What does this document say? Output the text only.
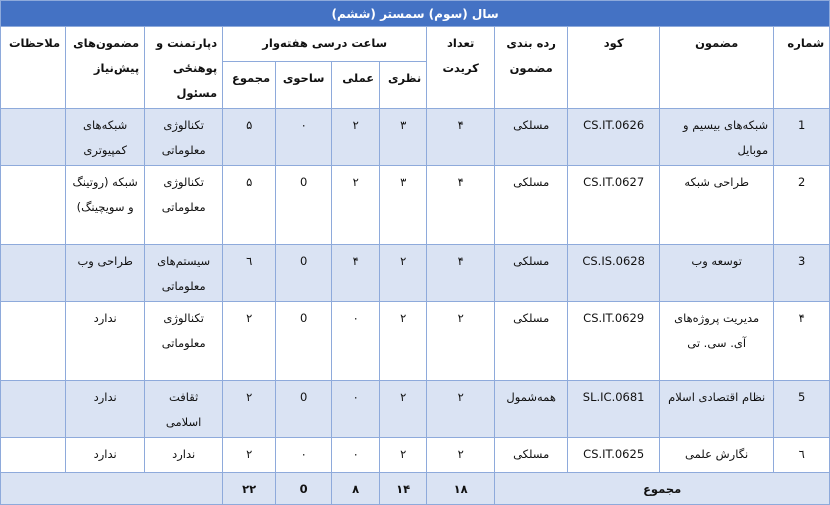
سال (سوم) سمستر (ششم)											
شماره	مضمون	کود	رده بندی مضمون	تعداد کریدت	ساعت درسی هفته‌وار				دپارتمنت و پوهنځی مسئول	مضمون‌های پیش‌نیاز	ملاحظات
					نظری	عملی	ساحوی	مجموع			
1	شبکه‌های بیسیم و موبایل	CS.IT.0626	مسلکی	۴	۳	۲	۰	۵	تکنالوژی معلوماتی	شبکه‌های کمپیوتری	
2	طراحی شبکه	CS.IT.0627	مسلکی	۴	۳	۲	0	۵	تکنالوژی معلوماتی	شبکه (روتینگ و سویچینگ)	
3	توسعه وب	CS.IS.0628	مسلکی	۴	۲	۴	0	٦	سیستم‌های معلوماتی	طراحی وب	
۴	مدیریت پروژه‌های آی. سی. تی	CS.IT.0629	مسلکی	۲	۲	۰	0	۲	تکنالوژی معلوماتی	ندارد	
5	نظام اقتصادی اسلام	SL.IC.0681	همه‌شمول	۲	۲	۰	0	۲	ثقافت اسلامی	ندارد	
٦	نگارش علمی	CS.IT.0625	مسلکی	۲	۲	۰	۰	۲	ندارد	ندارد	
مجموع				۱۸	۱۴	۸	0	۲۲			
